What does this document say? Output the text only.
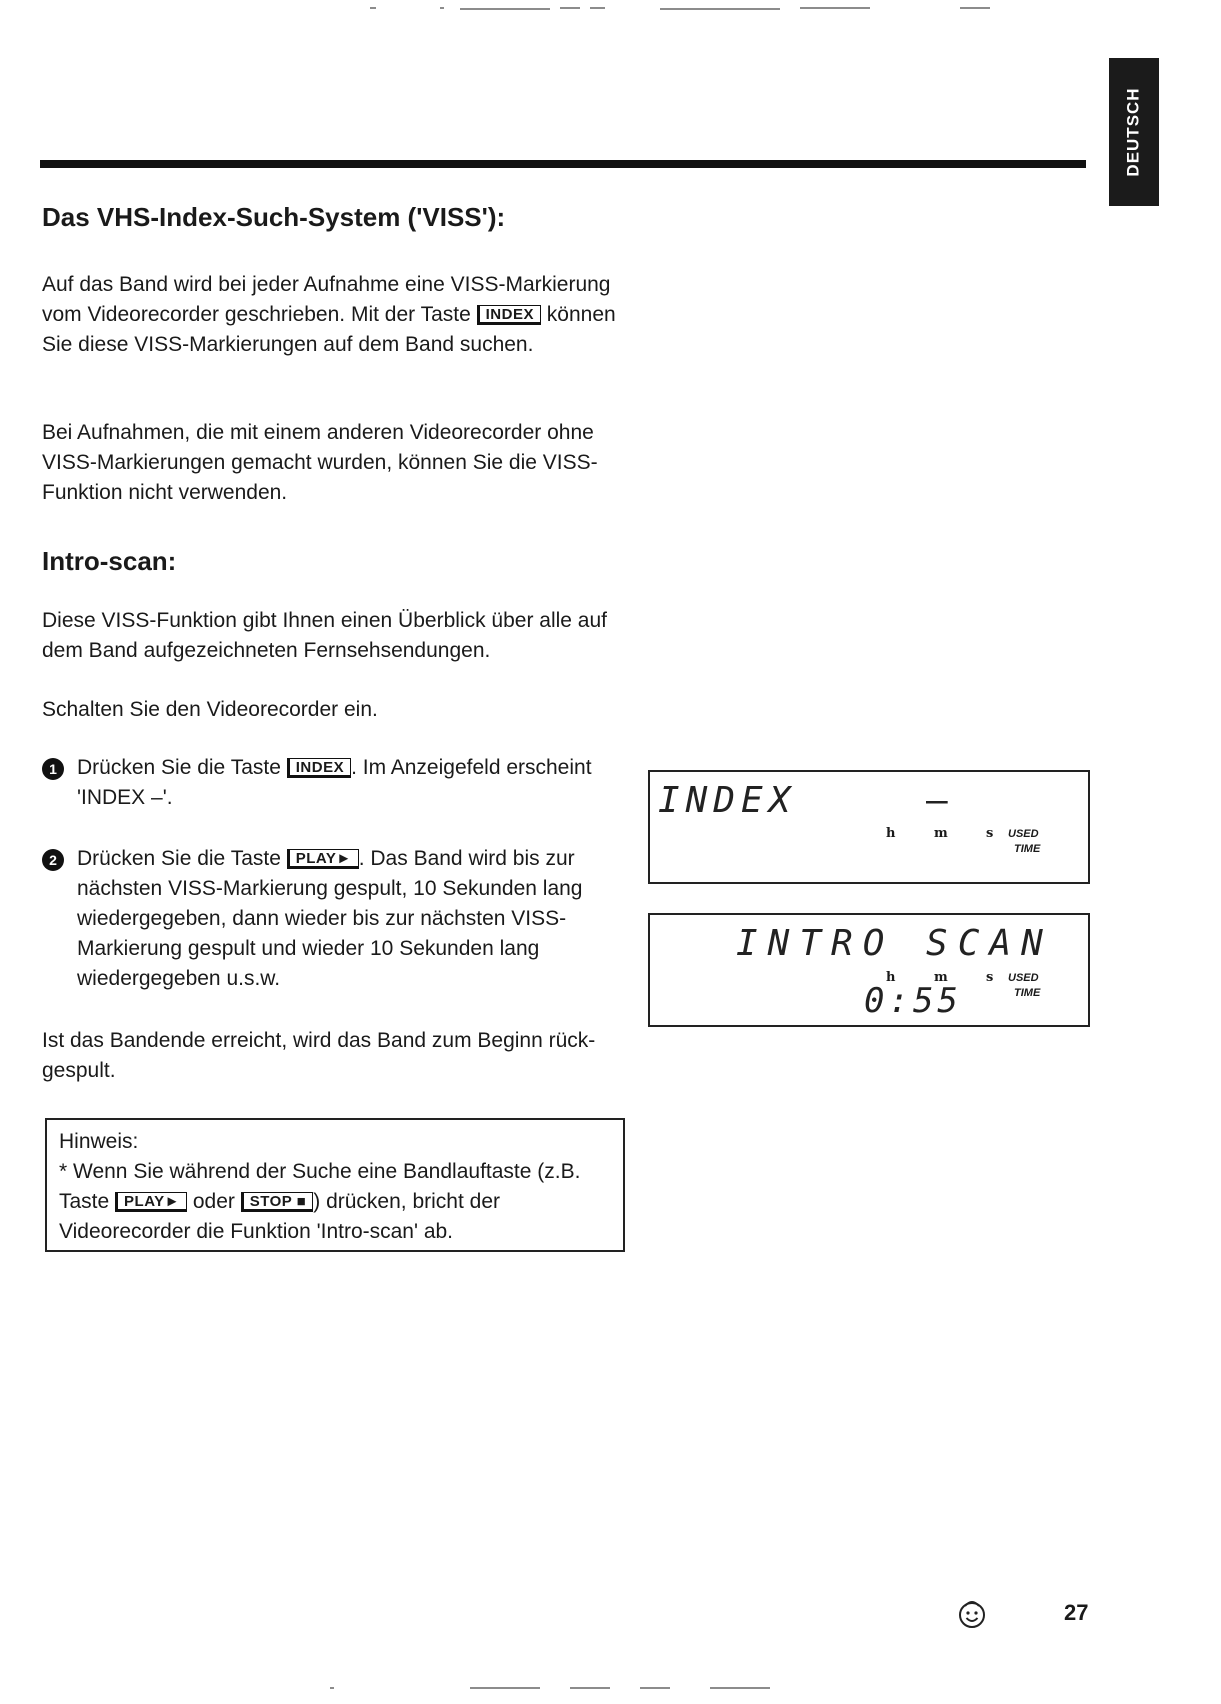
DEUTSCH
Das VHS-Index-Such-System ('VISS'):

Auf das Band wird bei jeder Aufnahme eine VISS-Markierung vom Videorecorder geschrieben. Mit der Taste INDEX können Sie diese VISS-Markierungen auf dem Band suchen.

Bei Aufnahmen, die mit einem anderen Videorecorder ohne VISS-Markierungen gemacht wurden, können Sie die VISS-Funktion nicht verwenden.

Intro-scan:

Diese VISS-Funktion gibt Ihnen einen Überblick über alle auf dem Band aufgezeichneten Fernsehsendungen.

Schalten Sie den Videorecorder ein.

1 Drücken Sie die Taste INDEX . Im Anzeigefeld erscheint 'INDEX –'.
2 Drücken Sie die Taste PLAY► . Das Band wird bis zur nächsten VISS-Markierung gespult, 10 Sekunden lang wiedergegeben, dann wieder bis zur nächsten VISS-Markierung gespult und wieder 10 Sekunden lang wiedergegeben u.s.w.

Ist das Bandende erreicht, wird das Band zum Beginn rück-gespult.

Hinweis:
* Wenn Sie während der Suche eine Bandlauftaste (z.B.
Taste PLAY► oder STOP ■ ) drücken, bricht der Videorecorder die Funktion 'Intro-scan' ab.
INDEX	–
h	m	s USED
TIME
INTRO SCAN
h	m	s USED
TIME
0:55
27
